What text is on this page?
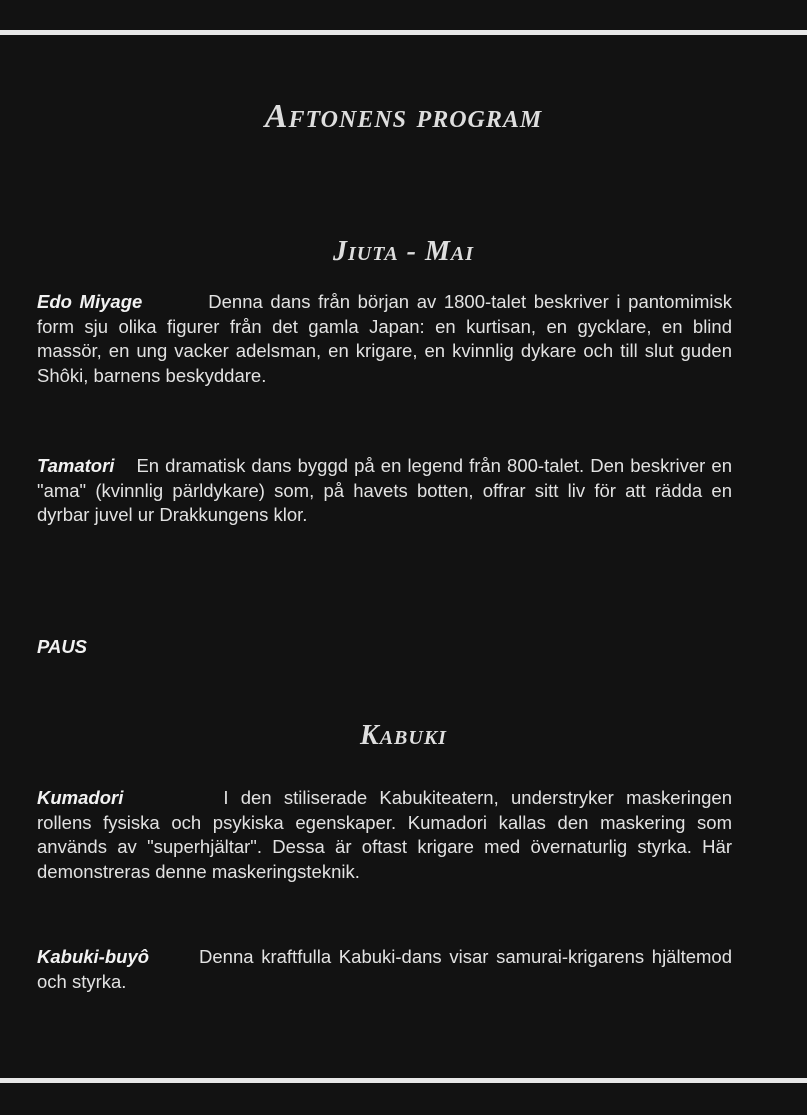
Aftonens program
Jiuta - Mai
Edo Miyage	Denna dans från början av 1800-talet beskriver i pantomimisk form sju olika figurer från det gamla Japan: en kurtisan, en gycklare, en blind massör, en ung vacker adelsman, en krigare, en kvinnlig dykare och till slut guden Shôki, barnens beskyddare.
Tamatori En dramatisk dans byggd på en legend från 800-talet. Den beskriver en "ama" (kvinnlig pärldykare) som, på havets botten, offrar sitt liv för att rädda en dyrbar juvel ur Drakkungens klor.
PAUS
Kabuki
Kumadori	I den stiliserade Kabukiteatern, understryker maskeringen rollens fysiska och psykiska egenskaper. Kumadori kallas den maskering som används av "superhjältar". Dessa är oftast krigare med övernaturlig styrka. Här demonstreras denne maskeringsteknik.
Kabuki-buyô	Denna kraftfulla Kabuki-dans visar samurai-krigarens hjältemod och styrka.
